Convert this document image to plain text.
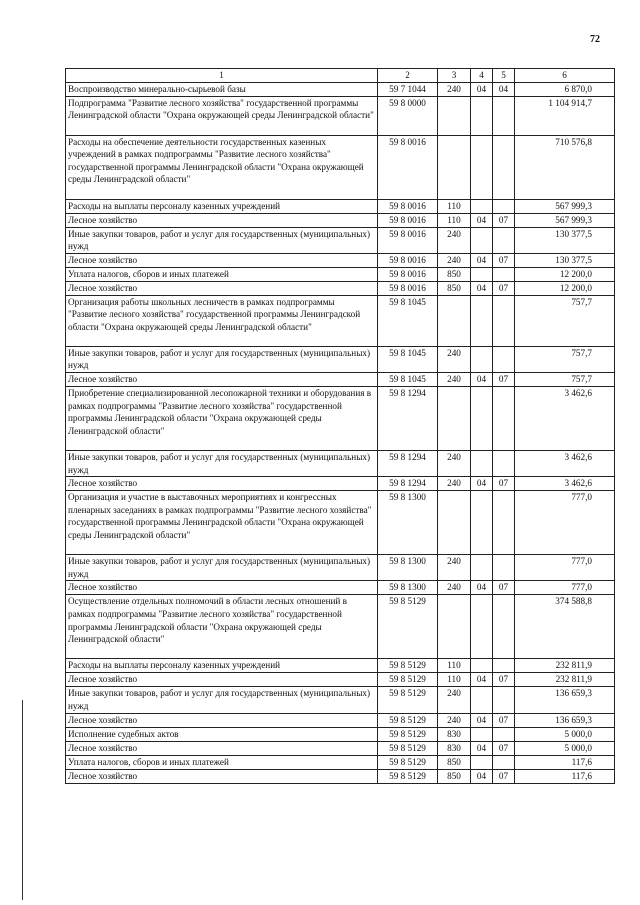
72
1	2	3	4	5	6
Воспроизводство минерально-сырьевой базы	59 7 1044	240	04	04	6 870,0
Подпрограмма "Развитие лесного хозяйства" государственной программы Ленинградской области "Охрана окружающей среды Ленинградской области"	59 8 0000				1 104 914,7
Расходы на обеспечение деятельности государственных казенных учреждений в рамках подпрограммы "Развитие лесного хозяйства" государственной программы Ленинградской области "Охрана окружающей среды Ленинградской области"	59 8 0016				710 576,8
Расходы на выплаты персоналу казенных учреждений	59 8 0016	110			567 999,3
Лесное хозяйство	59 8 0016	110	04	07	567 999,3
Иные закупки товаров, работ и услуг для государственных (муниципальных) нужд	59 8 0016	240			130 377,5
Лесное хозяйство	59 8 0016	240	04	07	130 377,5
Уплата налогов, сборов и иных платежей	59 8 0016	850			12 200,0
Лесное хозяйство	59 8 0016	850	04	07	12 200,0
Организация работы школьных лесничеств в рамках подпрограммы "Развитие лесного хозяйства" государственной программы Ленинградской области "Охрана окружающей среды Ленинградской области"	59 8 1045				757,7
Иные закупки товаров, работ и услуг для государственных (муниципальных) нужд	59 8 1045	240			757,7
Лесное хозяйство	59 8 1045	240	04	07	757,7
Приобретение специализированной лесопожарной техники и оборудования в рамках подпрограммы "Развитие лесного хозяйства" государственной программы Ленинградской области "Охрана окружающей среды Ленинградской области"	59 8 1294				3 462,6
Иные закупки товаров, работ и услуг для государственных (муниципальных) нужд	59 8 1294	240			3 462,6
Лесное хозяйство	59 8 1294	240	04	07	3 462,6
Организация и участие в выставочных мероприятиях и конгрессных пленарных заседаниях в рамках подпрограммы "Развитие лесного хозяйства" государственной программы Ленинградской области "Охрана окружающей среды Ленинградской области"	59 8 1300				777,0
Иные закупки товаров, работ и услуг для государственных (муниципальных) нужд	59 8 1300	240			777,0
Лесное хозяйство	59 8 1300	240	04	07	777,0
Осуществление отдельных полномочий в области лесных отношений в рамках подпрограммы "Развитие лесного хозяйства" государственной программы Ленинградской области "Охрана окружающей среды Ленинградской области"	59 8 5129				374 588,8
Расходы на выплаты персоналу казенных учреждений	59 8 5129	110			232 811,9
Лесное хозяйство	59 8 5129	110	04	07	232 811,9
Иные закупки товаров, работ и услуг для государственных (муниципальных) нужд	59 8 5129	240			136 659,3
Лесное хозяйство	59 8 5129	240	04	07	136 659,3
Исполнение судебных актов	59 8 5129	830			5 000,0
Лесное хозяйство	59 8 5129	830	04	07	5 000,0
Уплата налогов, сборов и иных платежей	59 8 5129	850			117,6
Лесное хозяйство	59 8 5129	850	04	07	117,6
